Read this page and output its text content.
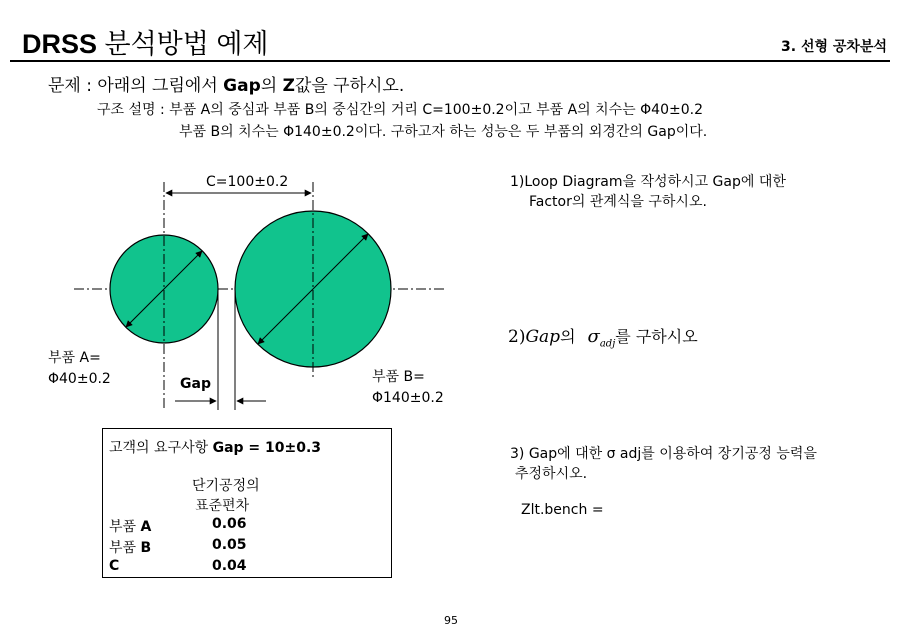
DRSS 분석방법 예제	3. 선형 공차분석
문제 : 아래의 그림에서 Gap의 Z값을 구하시오.
구조 설명 : 부품 A의 중심과 부품 B의 중심간의 거리 C=100±0.2이고 부품 A의 치수는 Φ40±0.2
부품 B의 치수는 Φ140±0.2이다. 구하고자 하는 성능은 두 부품의 외경간의 Gap이다.
C=100±0.2
부품 A=
Φ40±0.2	Gap	부품 B=
Φ140±0.2
고객의 요구사항 Gap = 10±0.3
단기공정의
표준편차
부품 A	0.06
부품 B	0.05
C	0.04
1)Loop Diagram을 작성하시고 Gap에 대한
Factor의 관계식을 구하시오.
2)Gap의 $\sigma_{adj}$를 구하시오
3) Gap에 대한 σ adj를 이용하여 장기공정 능력을
추정하시오.
Zlt.bench =
95
